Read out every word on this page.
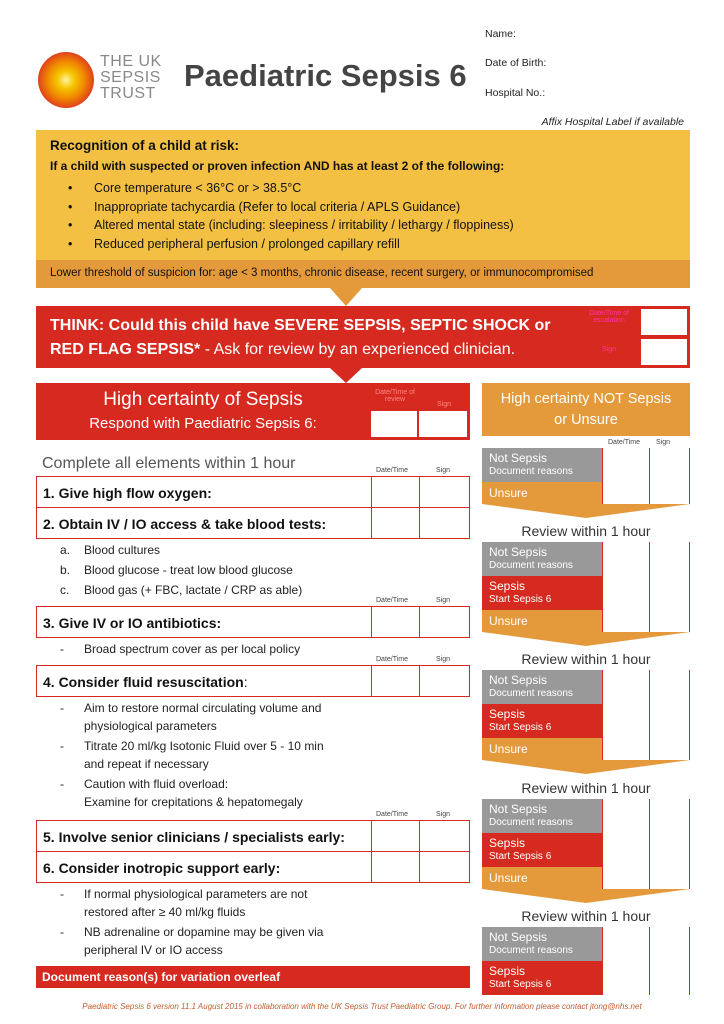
THE UK
SEPSIS
TRUST
Paediatric Sepsis 6
Name:
Date of Birth:
Hospital No.:
Affix Hospital Label if available
Recognition of a child at risk:
If a child with suspected or proven infection AND has at least 2 of the following:
• Core temperature < 36°C or > 38.5°C
• Inappropriate tachycardia (Refer to local criteria / APLS Guidance)
• Altered mental state (including: sleepiness / irritability / lethargy / floppiness)
• Reduced peripheral perfusion / prolonged capillary refill
Lower threshold of suspicion for: age < 3 months, chronic disease, recent surgery, or immunocompromised
THINK: Could this child have SEVERE SEPSIS, SEPTIC SHOCK or
RED FLAG SEPSIS* - Ask for review by an experienced clinician.
Date/Time of escalation
Sign
High certainty of Sepsis
Respond with Paediatric Sepsis 6:
Date/Time of review
Sign	High certainty NOT Sepsis
or Unsure
Date/Time Sign
Complete all elements within 1 hour	Date/Time	Sign
1. Give high flow oxygen:
2. Obtain IV / IO access & take blood tests:
a. Blood cultures
b. Blood glucose - treat low blood glucose
c. Blood gas (+ FBC, lactate / CRP as able)
Date/Time	Sign
3. Give IV or IO antibiotics:
- Broad spectrum cover as per local policy
Date/Time	Sign
4. Consider fluid resuscitation:
- Aim to restore normal circulating volume and
physiological parameters
- Titrate 20 ml/kg Isotonic Fluid over 5 - 10 min
and repeat if necessary
- Caution with fluid overload:
Examine for crepitations & hepatomegaly
Date/Time	Sign
5. Involve senior clinicians / specialists early:
6. Consider inotropic support early:
- If normal physiological parameters are not
restored after ≥ 40 ml/kg fluids
- NB adrenaline or dopamine may be given via
peripheral IV or IO access
Document reason(s) for variation overleaf
Not Sepsis
Document reasons
Unsure
Review within 1 hour
Not Sepsis
Document reasons
Sepsis
Start Sepsis 6
Unsure
Review within 1 hour
Not Sepsis
Document reasons
Sepsis
Start Sepsis 6
Unsure
Review within 1 hour
Not Sepsis
Document reasons
Sepsis
Start Sepsis 6
Unsure
Review within 1 hour
Not Sepsis
Document reasons
Sepsis
Start Sepsis 6
Paediatric Sepsis 6 version 11.1 August 2015 in collaboration with the UK Sepsis Trust Paediatric Group. For further information please contact jtong@nhs.net
